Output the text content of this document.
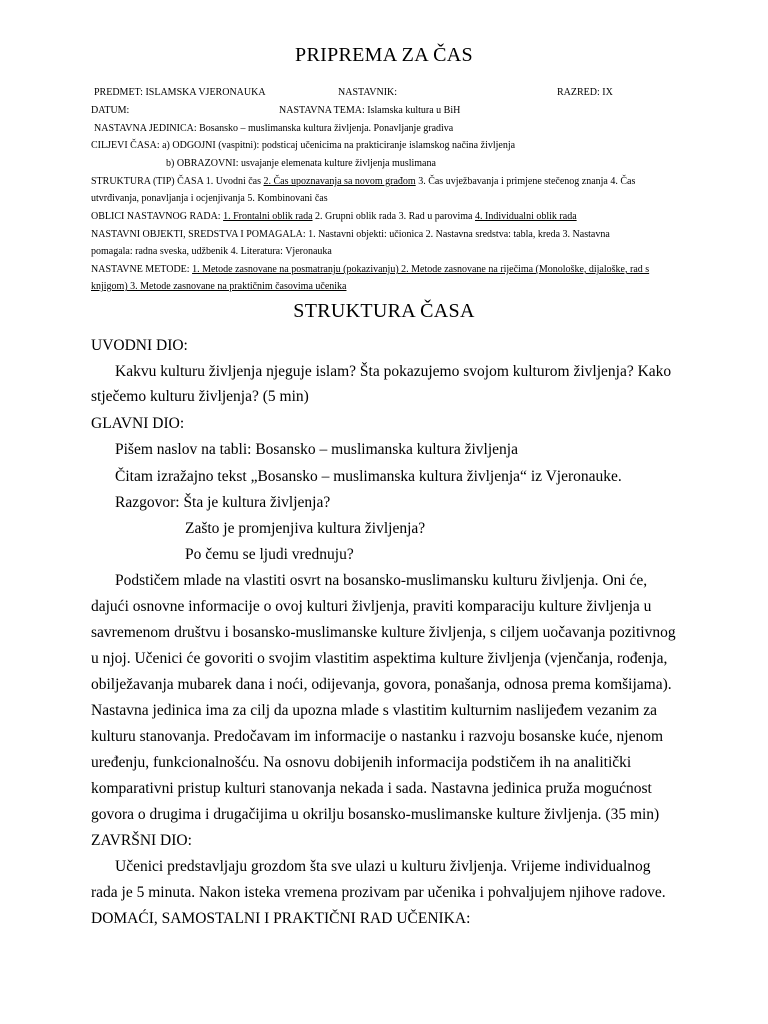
PRIPREMA ZA ČAS
PREDMET: ISLAMSKA VJERONAUKA	NASTAVNIK:	RAZRED: IX
DATUM:	NASTAVNA TEMA: Islamska kultura u BiH
NASTAVNA JEDINICA: Bosansko – muslimanska kultura življenja. Ponavljanje gradiva
CILJEVI ČASA: a) ODGOJNI (vaspitni): podsticaj učenicima na prakticiranje islamskog načina življenja
b) OBRAZOVNI: usvajanje elemenata kulture življenja muslimana
STRUKTURA (TIP) ČASA 1. Uvodni čas 2. Čas upoznavanja sa novom građom 3. Čas uvježbavanja i primjene stečenog znanja 4. Čas
utvrđivanja, ponavljanja i ocjenjivanja 5. Kombinovani čas
OBLICI NASTAVNOG RADA: 1. Frontalni oblik rada 2. Grupni oblik rada 3. Rad u parovima 4. Individualni oblik rada
NASTAVNI OBJEKTI, SREDSTVA I POMAGALA: 1. Nastavni objekti: učionica 2. Nastavna sredstva: tabla, kreda 3. Nastavna
pomagala: radna sveska, udžbenik 4. Literatura: Vjeronauka
NASTAVNE METODE: 1. Metode zasnovane na posmatranju (pokazivanju) 2. Metode zasnovane na riječima (Monološke, dijaloške, rad s
knjigom) 3. Metode zasnovane na praktičnim časovima učenika
STRUKTURA ČASA
UVODNI DIO:
Kakvu kulturu življenja njeguje islam? Šta pokazujemo svojom kulturom življenja? Kako
stječemo kulturu življenja? (5 min)
GLAVNI DIO:
Pišem naslov na tabli: Bosansko – muslimanska kultura življenja
Čitam izražajno tekst „Bosansko – muslimanska kultura življenja“ iz Vjeronauke.
Razgovor: Šta je kultura življenja?
Zašto je promjenjiva kultura življenja?
Po čemu se ljudi vrednuju?
Podstičem mlade na vlastiti osvrt na bosansko-muslimansku kulturu življenja. Oni će,
dajući osnovne informacije o ovoj kulturi življenja, praviti komparaciju kulture življenja u
savremenom društvu i bosansko-muslimanske kulture življenja, s ciljem uočavanja pozitivnog
u njoj. Učenici će govoriti o svojim vlastitim aspektima kulture življenja (vjenčanja, rođenja,
obilježavanja mubarek dana i noći, odijevanja, govora, ponašanja, odnosa prema komšijama).
Nastavna jedinica ima za cilj da upozna mlade s vlastitim kulturnim naslijeđem vezanim za
kulturu stanovanja. Predočavam im informacije o nastanku i razvoju bosanske kuće, njenom
uređenju, funkcionalnošću. Na osnovu dobijenih informacija podstičem ih na analitički
komparativni pristup kulturi stanovanja nekada i sada. Nastavna jedinica pruža mogućnost
govora o drugima i drugačijima u okrilju bosansko-muslimanske kulture življenja. (35 min)
ZAVRŠNI DIO:
Učenici predstavljaju grozdom šta sve ulazi u kulturu življenja. Vrijeme individualnog
rada je 5 minuta. Nakon isteka vremena prozivam par učenika i pohvaljujem njihove radove.
DOMAĆI, SAMOSTALNI I PRAKTIČNI RAD UČENIKA:
